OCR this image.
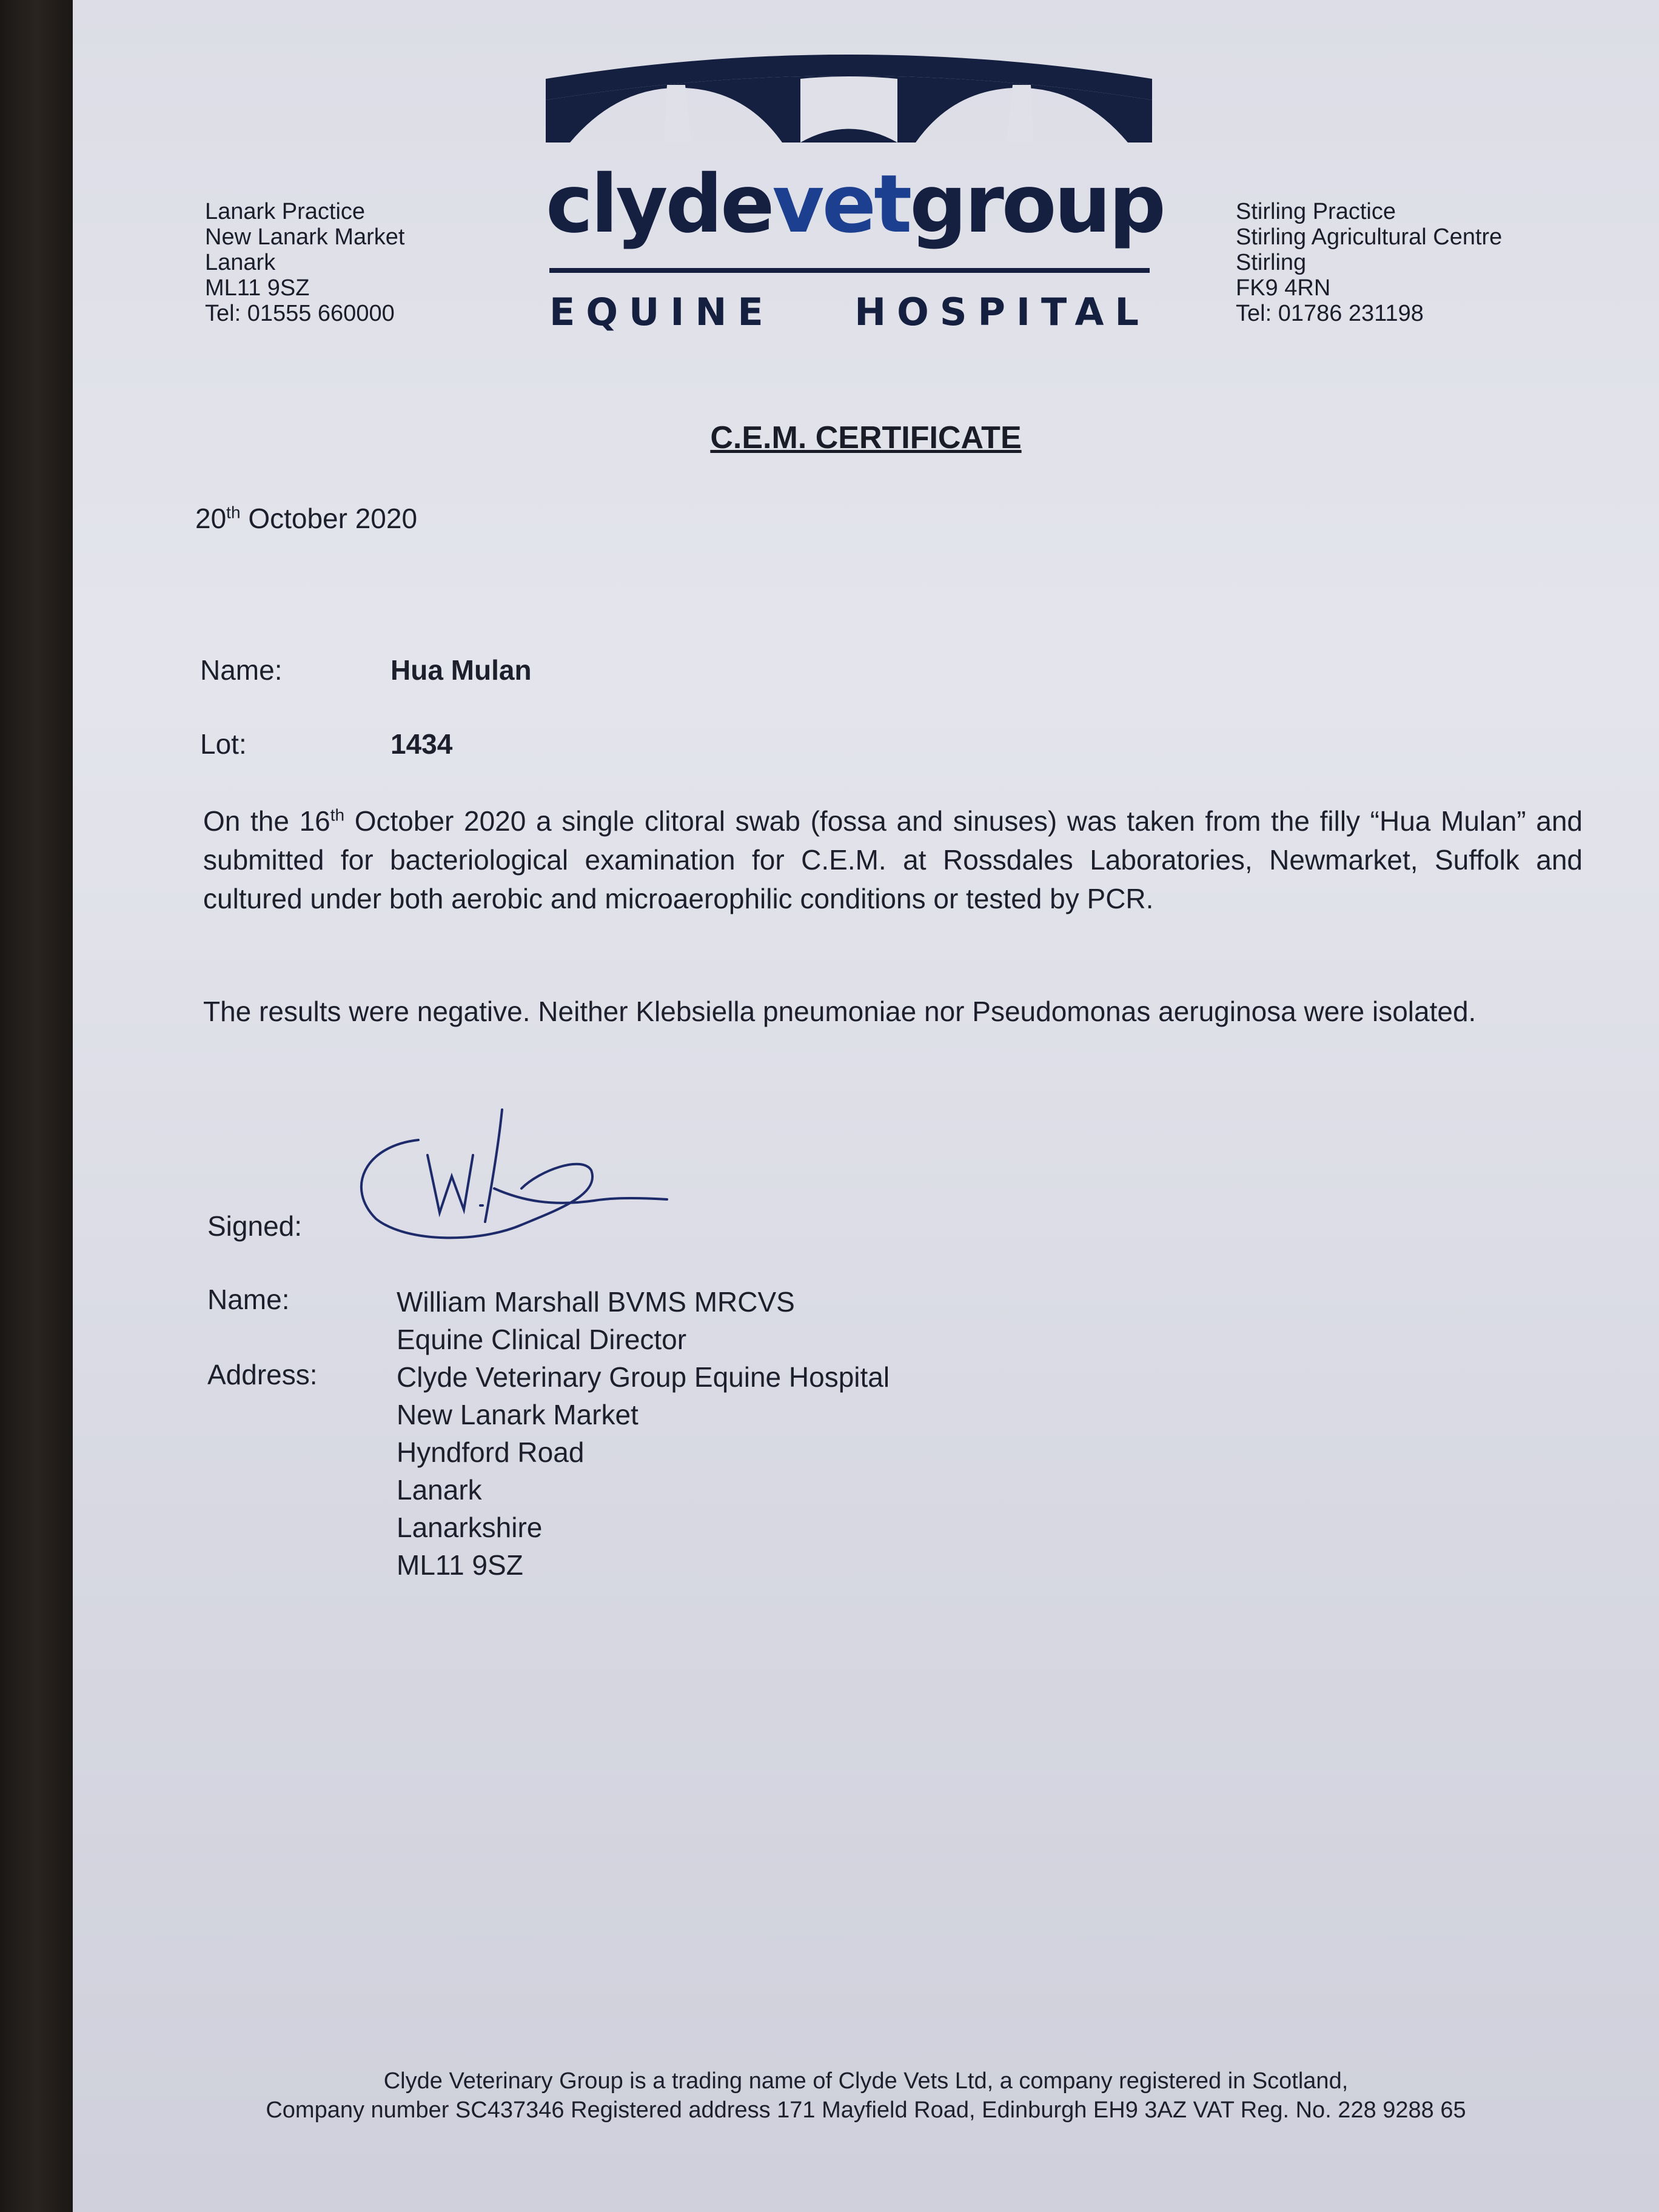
Lanark Practice
New Lanark Market
Lanark
ML11 9SZ
Tel: 01555 660000
clydevetgroup
EQUINE HOSPITAL
Stirling Practice
Stirling Agricultural Centre
Stirling
FK9 4RN
Tel: 01786 231198
C.E.M. CERTIFICATE
20th October 2020
Name:	Hua Mulan
Lot:	1434
On the 16th October 2020 a single clitoral swab (fossa and sinuses) was taken from the filly “Hua Mulan” and submitted for bacteriological examination for C.E.M. at Rossdales Laboratories, Newmarket, Suffolk and cultured under both aerobic and microaerophilic conditions or tested by PCR.
The results were negative. Neither Klebsiella pneumoniae nor Pseudomonas aeruginosa were isolated.
Signed:
Name:	William Marshall BVMS MRCVS
Equine Clinical Director
Address:	Clyde Veterinary Group Equine Hospital
New Lanark Market
Hyndford Road
Lanark
Lanarkshire
ML11 9SZ
Clyde Veterinary Group is a trading name of Clyde Vets Ltd, a company registered in Scotland,
Company number SC437346 Registered address 171 Mayfield Road, Edinburgh EH9 3AZ VAT Reg. No. 228 9288 65
